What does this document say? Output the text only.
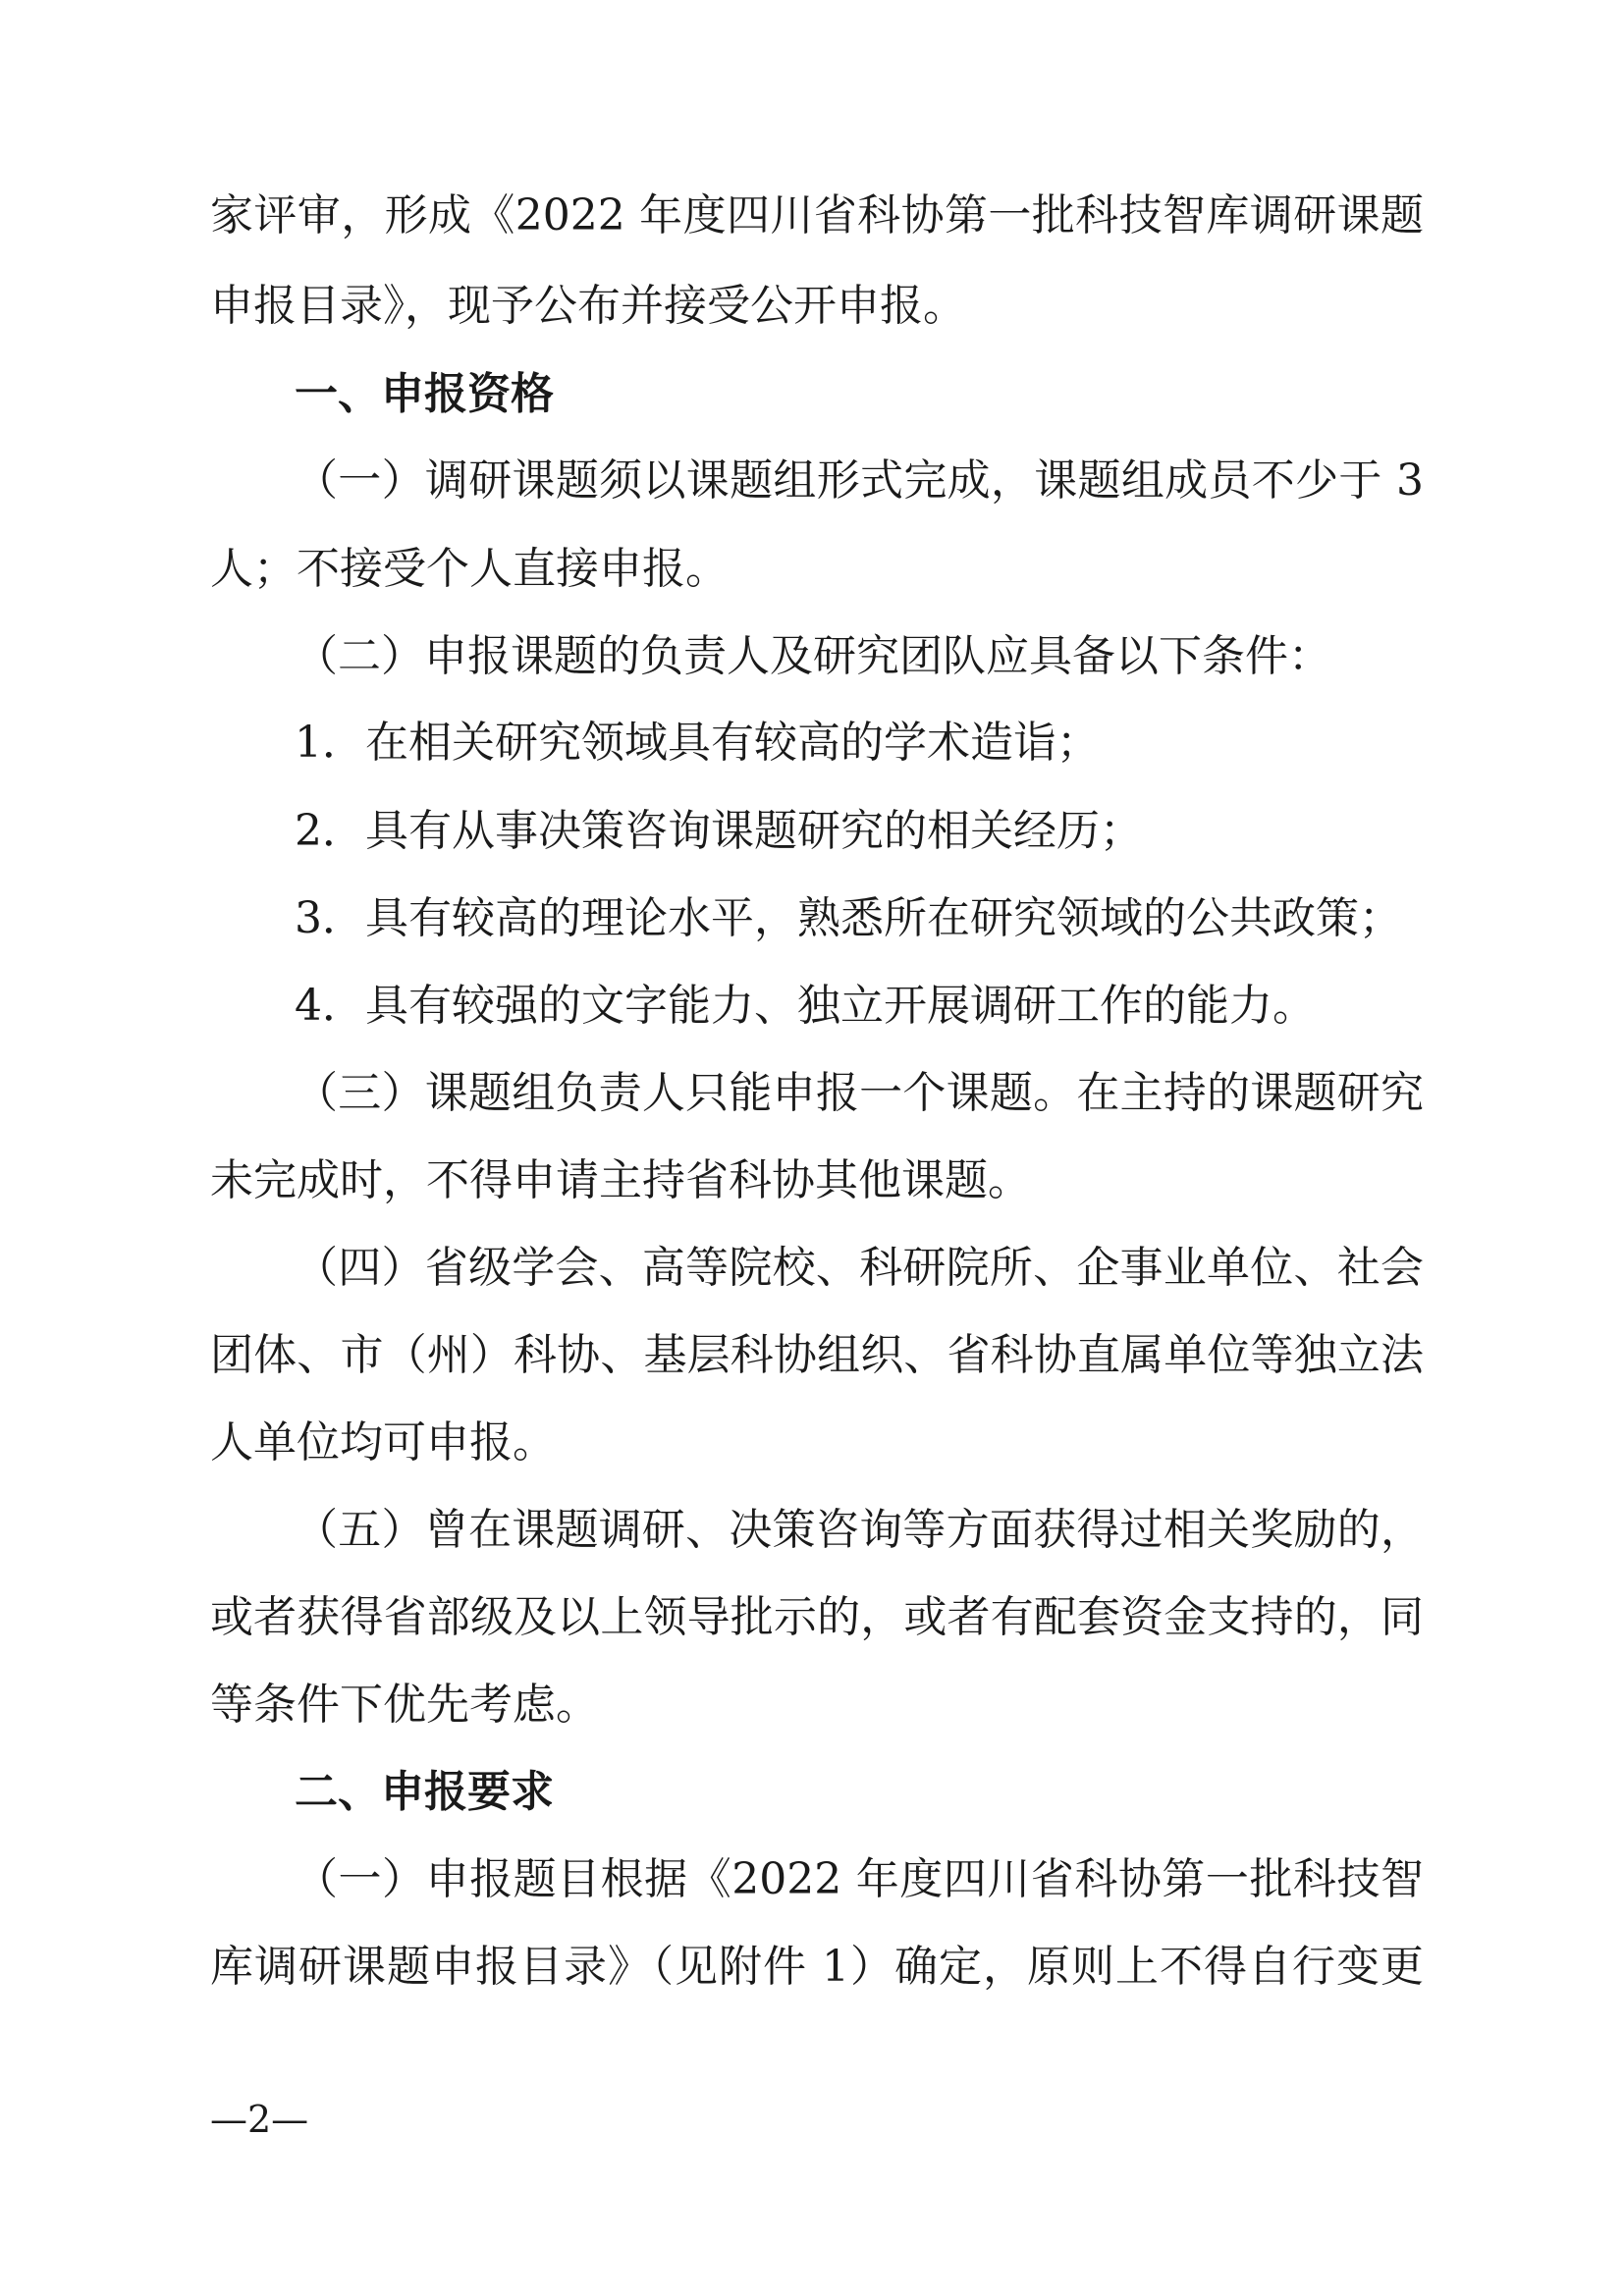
家评审，形成《2022 年度四川省科协第一批科技智库调研课题
申报目录》，现予公布并接受公开申报。
一、申报资格
（一）调研课题须以课题组形式完成，课题组成员不少于 3
人；不接受个人直接申报。
（二）申报课题的负责人及研究团队应具备以下条件：
1．在相关研究领域具有较高的学术造诣；
2．具有从事决策咨询课题研究的相关经历；
3．具有较高的理论水平，熟悉所在研究领域的公共政策；
4．具有较强的文字能力、独立开展调研工作的能力。
（三）课题组负责人只能申报一个课题。在主持的课题研究
未完成时，不得申请主持省科协其他课题。
（四）省级学会、高等院校、科研院所、企事业单位、社会
团体、市（州）科协、基层科协组织、省科协直属单位等独立法
人单位均可申报。
（五）曾在课题调研、决策咨询等方面获得过相关奖励的，
或者获得省部级及以上领导批示的，或者有配套资金支持的，同
等条件下优先考虑。
二、申报要求
（一）申报题目根据《2022 年度四川省科协第一批科技智
库调研课题申报目录》（见附件 1）确定，原则上不得自行变更
—2—
